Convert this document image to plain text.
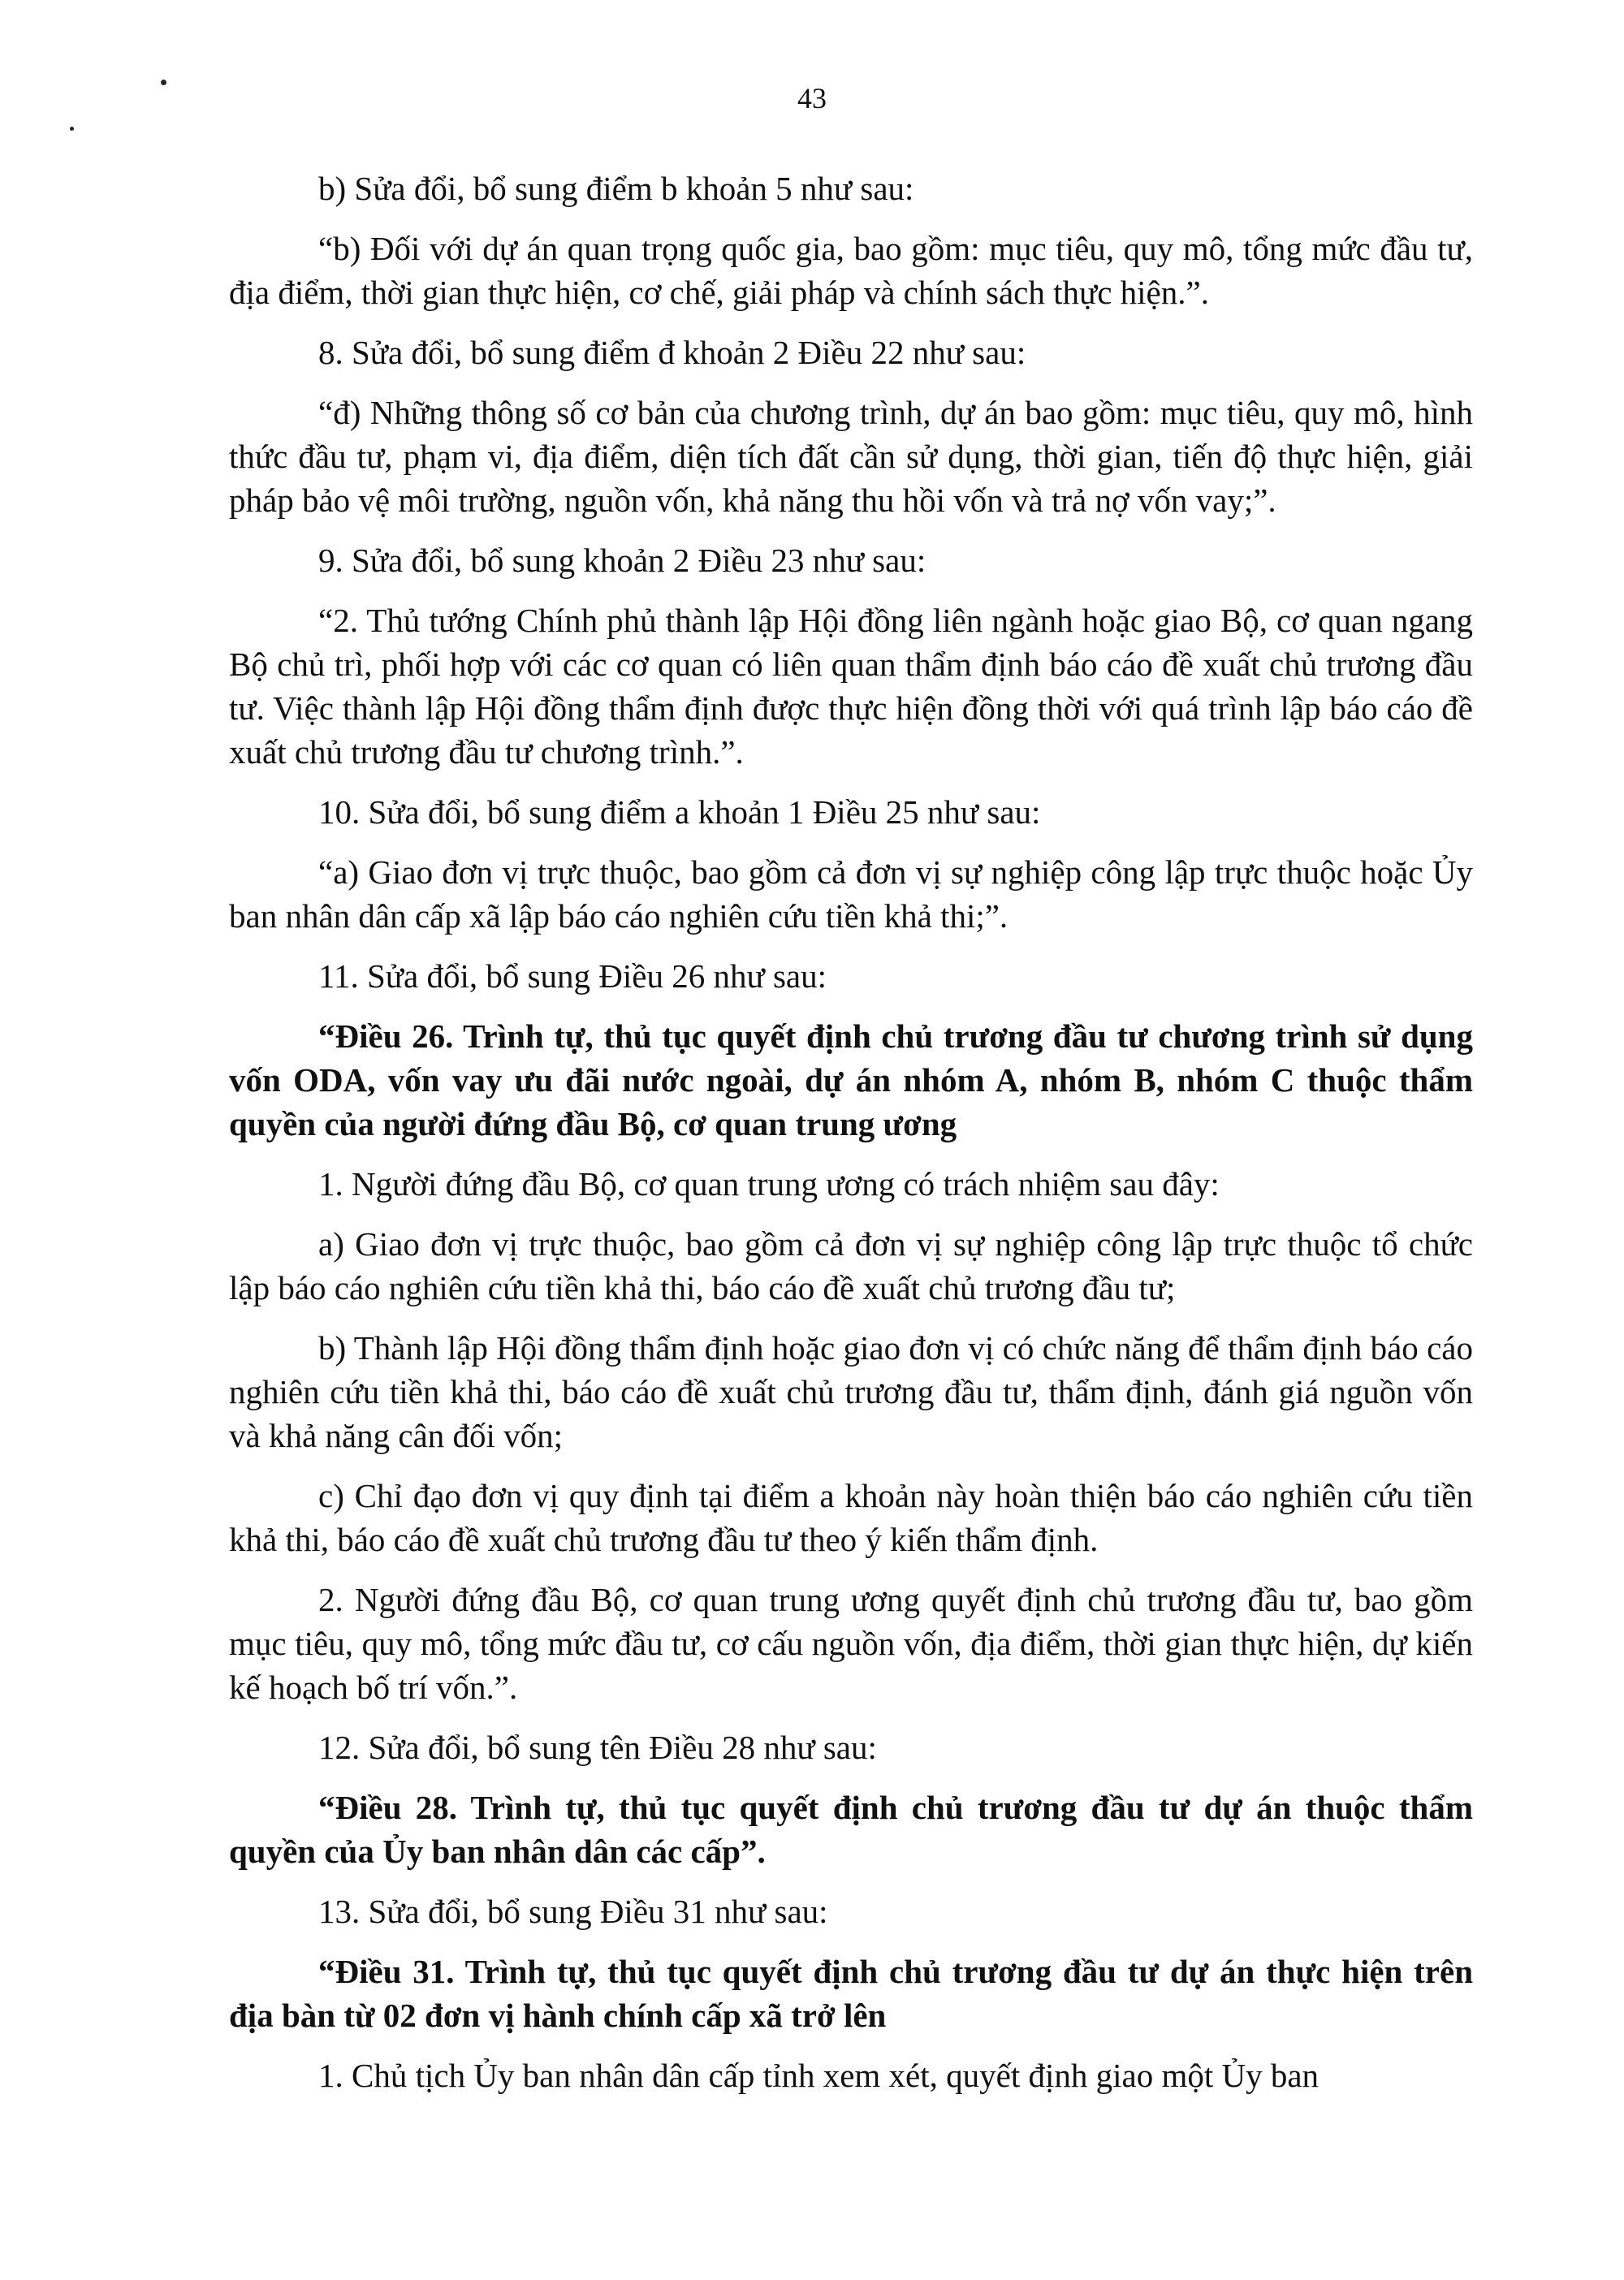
43

b) Sửa đổi, bổ sung điểm b khoản 5 như sau:

“b) Đối với dự án quan trọng quốc gia, bao gồm: mục tiêu, quy mô, tổng mức đầu tư, địa điểm, thời gian thực hiện, cơ chế, giải pháp và chính sách thực hiện.”.

8. Sửa đổi, bổ sung điểm đ khoản 2 Điều 22 như sau:

“đ) Những thông số cơ bản của chương trình, dự án bao gồm: mục tiêu, quy mô, hình thức đầu tư, phạm vi, địa điểm, diện tích đất cần sử dụng, thời gian, tiến độ thực hiện, giải pháp bảo vệ môi trường, nguồn vốn, khả năng thu hồi vốn và trả nợ vốn vay;”.

9. Sửa đổi, bổ sung khoản 2 Điều 23 như sau:

“2. Thủ tướng Chính phủ thành lập Hội đồng liên ngành hoặc giao Bộ, cơ quan ngang Bộ chủ trì, phối hợp với các cơ quan có liên quan thẩm định báo cáo đề xuất chủ trương đầu tư. Việc thành lập Hội đồng thẩm định được thực hiện đồng thời với quá trình lập báo cáo đề xuất chủ trương đầu tư chương trình.”.

10. Sửa đổi, bổ sung điểm a khoản 1 Điều 25 như sau:

“a) Giao đơn vị trực thuộc, bao gồm cả đơn vị sự nghiệp công lập trực thuộc hoặc Ủy ban nhân dân cấp xã lập báo cáo nghiên cứu tiền khả thi;”.

11. Sửa đổi, bổ sung Điều 26 như sau:

“Điều 26. Trình tự, thủ tục quyết định chủ trương đầu tư chương trình sử dụng vốn ODA, vốn vay ưu đãi nước ngoài, dự án nhóm A, nhóm B, nhóm C thuộc thẩm quyền của người đứng đầu Bộ, cơ quan trung ương

1. Người đứng đầu Bộ, cơ quan trung ương có trách nhiệm sau đây:

a) Giao đơn vị trực thuộc, bao gồm cả đơn vị sự nghiệp công lập trực thuộc tổ chức lập báo cáo nghiên cứu tiền khả thi, báo cáo đề xuất chủ trương đầu tư;

b) Thành lập Hội đồng thẩm định hoặc giao đơn vị có chức năng để thẩm định báo cáo nghiên cứu tiền khả thi, báo cáo đề xuất chủ trương đầu tư, thẩm định, đánh giá nguồn vốn và khả năng cân đối vốn;

c) Chỉ đạo đơn vị quy định tại điểm a khoản này hoàn thiện báo cáo nghiên cứu tiền khả thi, báo cáo đề xuất chủ trương đầu tư theo ý kiến thẩm định.

2. Người đứng đầu Bộ, cơ quan trung ương quyết định chủ trương đầu tư, bao gồm mục tiêu, quy mô, tổng mức đầu tư, cơ cấu nguồn vốn, địa điểm, thời gian thực hiện, dự kiến kế hoạch bố trí vốn.”.

12. Sửa đổi, bổ sung tên Điều 28 như sau:

“Điều 28. Trình tự, thủ tục quyết định chủ trương đầu tư dự án thuộc thẩm quyền của Ủy ban nhân dân các cấp”.

13. Sửa đổi, bổ sung Điều 31 như sau:

“Điều 31. Trình tự, thủ tục quyết định chủ trương đầu tư dự án thực hiện trên địa bàn từ 02 đơn vị hành chính cấp xã trở lên

1. Chủ tịch Ủy ban nhân dân cấp tỉnh xem xét, quyết định giao một Ủy ban
